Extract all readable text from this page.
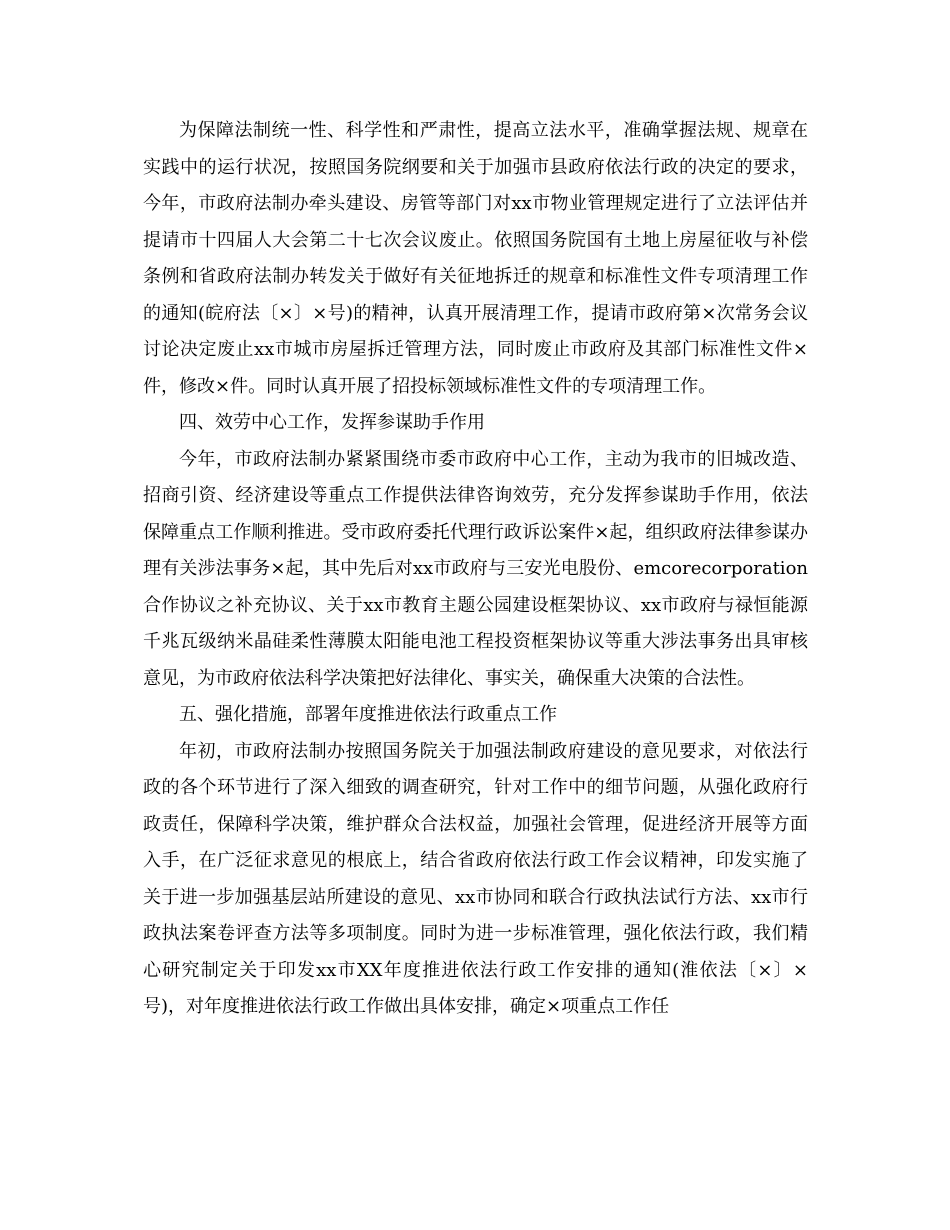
为保障法制统一性、科学性和严肃性，提高立法水平，准确掌握法规、规章在实践中的运行状况，按照国务院纲要和关于加强市县政府依法行政的决定的要求，今年，市政府法制办牵头建设、房管等部门对xx市物业管理规定进行了立法评估并提请市十四届人大会第二十七次会议废止。依照国务院国有土地上房屋征收与补偿条例和省政府法制办转发关于做好有关征地拆迁的规章和标准性文件专项清理工作的通知(皖府法〔×〕×号)的精神，认真开展清理工作，提请市政府第×次常务会议讨论决定废止xx市城市房屋拆迁管理方法，同时废止市政府及其部门标准性文件×件，修改×件。同时认真开展了招投标领域标准性文件的专项清理工作。

四、效劳中心工作，发挥参谋助手作用

今年，市政府法制办紧紧围绕市委市政府中心工作，主动为我市的旧城改造、招商引资、经济建设等重点工作提供法律咨询效劳，充分发挥参谋助手作用，依法保障重点工作顺利推进。受市政府委托代理行政诉讼案件×起，组织政府法律参谋办理有关涉法事务×起，其中先后对xx市政府与三安光电股份、emcorecorporation合作协议之补充协议、关于xx市教育主题公园建设框架协议、xx市政府与禄恒能源千兆瓦级纳米晶硅柔性薄膜太阳能电池工程投资框架协议等重大涉法事务出具审核意见，为市政府依法科学决策把好法律化、事实关，确保重大决策的合法性。

五、强化措施，部署年度推进依法行政重点工作

年初，市政府法制办按照国务院关于加强法制政府建设的意见要求，对依法行政的各个环节进行了深入细致的调查研究，针对工作中的细节问题，从强化政府行政责任，保障科学决策，维护群众合法权益，加强社会管理，促进经济开展等方面入手，在广泛征求意见的根底上，结合省政府依法行政工作会议精神，印发实施了关于进一步加强基层站所建设的意见、xx市协同和联合行政执法试行方法、xx市行政执法案卷评查方法等多项制度。同时为进一步标准管理，强化依法行政，我们精心研究制定关于印发xx市XX年度推进依法行政工作安排的通知(淮依法〔×〕×号)，对年度推进依法行政工作做出具体安排，确定×项重点工作任
